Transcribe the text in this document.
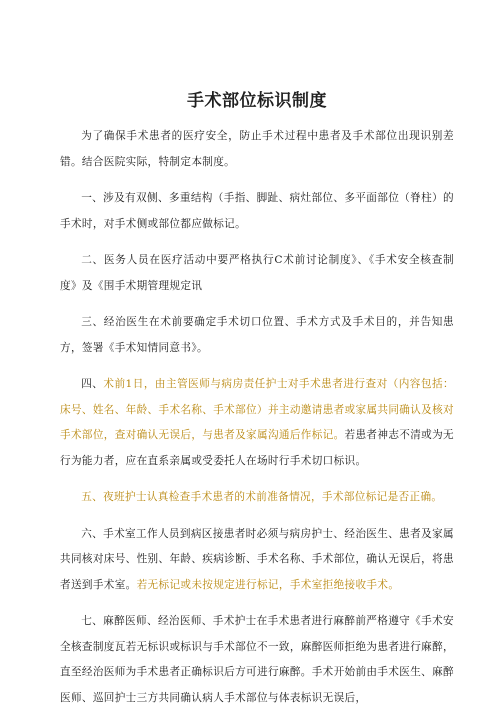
手术部位标识制度

为了确保手术患者的医疗安全，防止手术过程中患者及手术部位出现识别差错。结合医院实际，特制定本制度。

一、涉及有双侧、多重结构（手指、脚趾、病灶部位、多平面部位（脊柱）的手术时，对手术侧或部位都应做标记。

二、医务人员在医疗活动中要严格执行C术前讨论制度》、《手术安全核查制度》及《围手术期管理规定讯

三、经治医生在术前要确定手术切口位置、手术方式及手术目的，并告知患方，签署《手术知情同意书》。

四、术前1日，由主管医师与病房责任护士对手术患者进行查对（内容包括：床号、姓名、年龄、手术名称、手术部位）并主动邀请患者或家属共同确认及核对手术部位，查对确认无误后，与患者及家属沟通后作标记。若患者神志不清或为无行为能力者，应在直系亲属或受委托人在场时行手术切口标识。

五、夜班护士认真检查手术患者的术前准备情况，手术部位标记是否正确。

六、手术室工作人员到病区接患者时必须与病房护士、经治医生、患者及家属共同核对床号、性别、年龄、疾病诊断、手术名称、手术部位，确认无误后，将患者送到手术室。若无标记或未按规定进行标记，手术室拒绝接收手术。

七、麻醉医师、经治医师、手术护士在手术患者进行麻醉前严格遵守《手术安全核查制度瓦若无标识或标识与手术部位不一致，麻醉医师拒绝为患者进行麻醉，直至经治医师为手术患者正确标识后方可进行麻醉。手术开始前由手术医生、麻醉医师、巡回护士三方共同确认病人手术部位与体表标识无误后，
